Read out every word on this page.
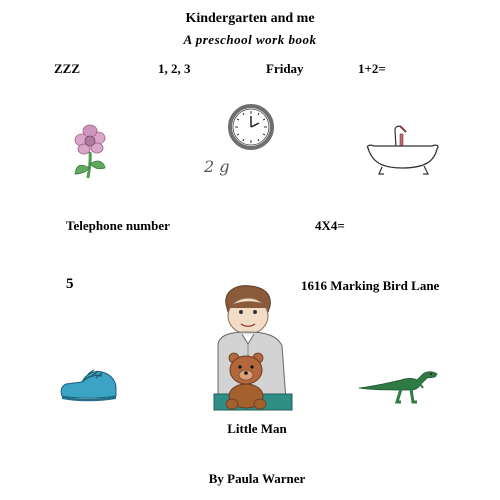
Kindergarten and me
A preschool work book
ZZZ	1, 2, 3	Friday	1+2=
2 g
Telephone number	4X4=
5	1616 Marking Bird Lane
Little Man
By Paula Warner
